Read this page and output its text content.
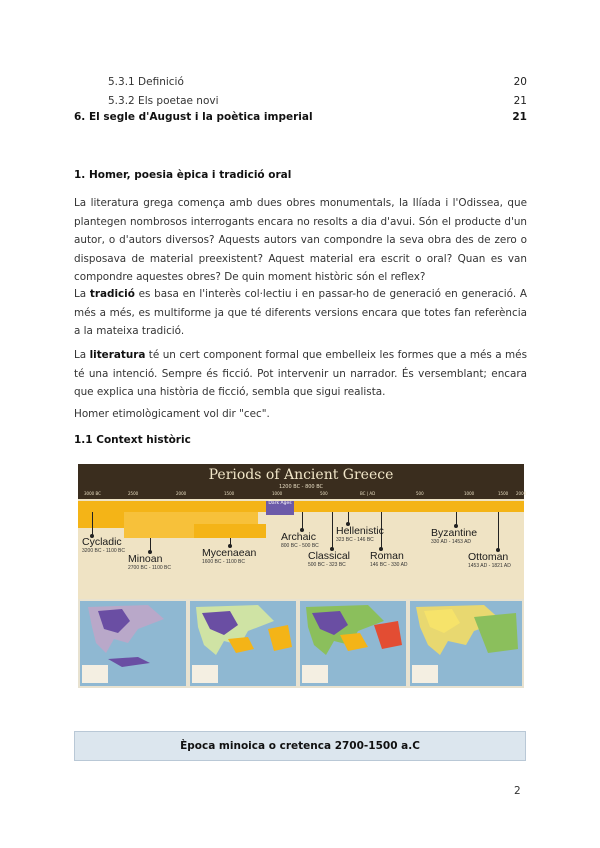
5.3.1 Definició	20
5.3.2 Els poetae novi	21
6. El segle d'August i la poètica imperial	21
1. Homer, poesia èpica i tradició oral

La literatura grega comença amb dues obres monumentals, la Ilíada i l'Odissea, que plantegen nombrosos interrogants encara no resolts a dia d'avui. Són el producte d'un autor, o d'autors diversos? Aquests autors van compondre la seva obra des de zero o disposava de material preexistent? Aquest material era escrit o oral? Quan es van compondre aquestes obres? De quin moment històric són el reflex?

La tradició es basa en l'interès col·lectiu i en passar-ho de generació en generació. A més a més, es multiforme ja que té diferents versions encara que totes fan referència a la mateixa tradició.

La literatura té un cert component formal que embelleix les formes que a més a més té una intenció. Sempre és ficció. Pot intervenir un narrador. És versemblant; encara que explica una història de ficció, sembla que sigui realista.

Homer etimològicament vol dir "cec".

1.1 Context històric
Periods of Ancient Greece
1200 BC - 800 BC
3000 BC	2500	2000	1500	1000	500	BC | AD	500	1000	1500 2000
Dark Ages
Cycladic
3200 BC - 1100 BC
Minoan
2700 BC - 1100 BC
Mycenaean
1600 BC - 1100 BC
Archaic
800 BC - 500 BC
Classical
500 BC - 323 BC
Hellenistic
323 BC - 146 BC
Roman
146 BC - 330 AD
Byzantine
330 AD - 1453 AD
Ottoman
1453 AD - 1821 AD
Època minoica o cretenca 2700-1500 a.C
2
